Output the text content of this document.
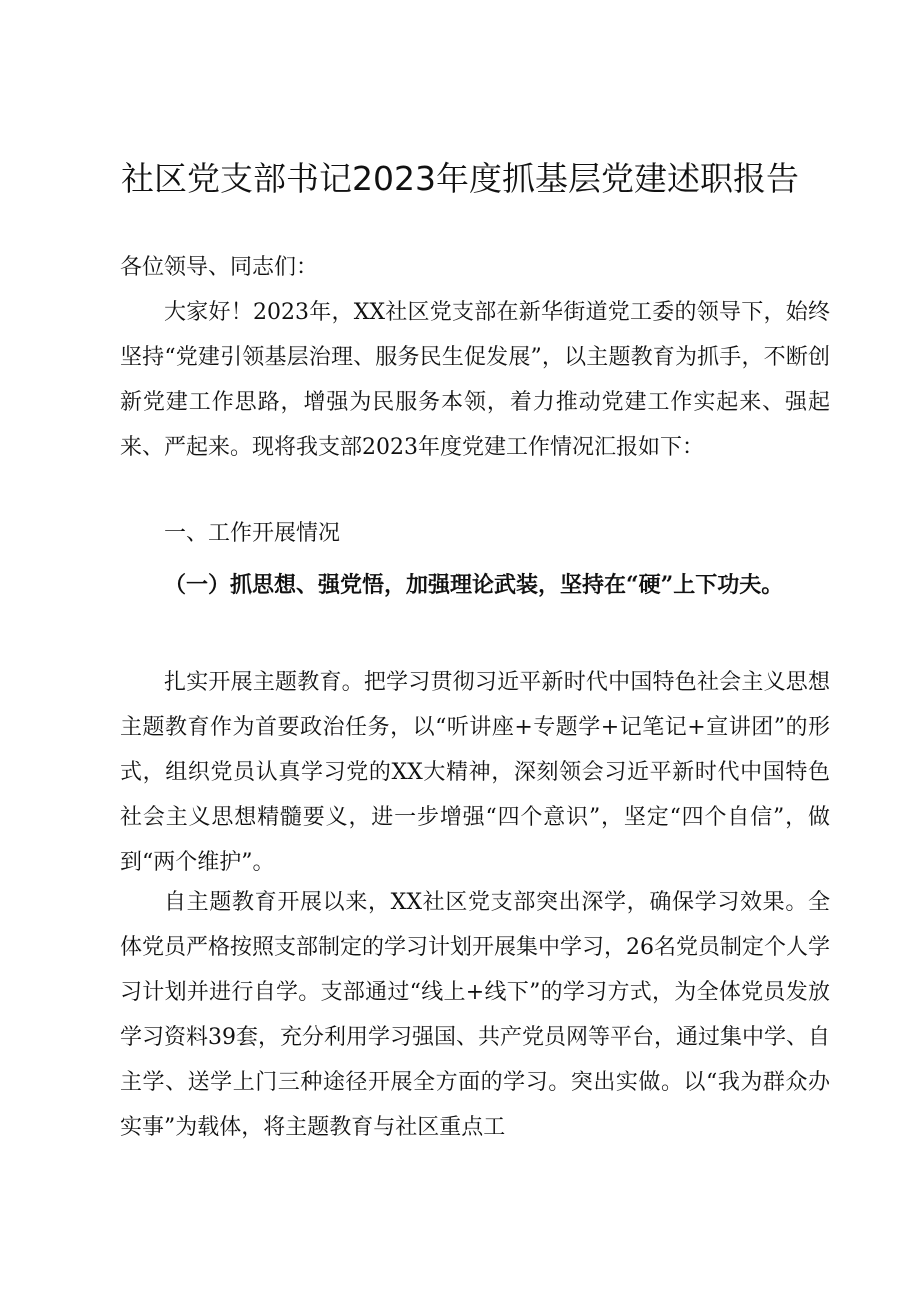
社区党支部书记2023年度抓基层党建述职报告
各位领导、同志们：
大家好！2023年，XX社区党支部在新华街道党工委的领导下，始终坚持“党建引领基层治理、服务民生促发展”，以主题教育为抓手，不断创新党建工作思路，增强为民服务本领，着力推动党建工作实起来、强起来、严起来。现将我支部2023年度党建工作情况汇报如下：
一、工作开展情况
（一）抓思想、强党悟，加强理论武装，坚持在“硬”上下功夫。
扎实开展主题教育。把学习贯彻习近平新时代中国特色社会主义思想主题教育作为首要政治任务，以“听讲座+专题学+记笔记+宣讲团”的形式，组织党员认真学习党的XX大精神，深刻领会习近平新时代中国特色社会主义思想精髓要义，进一步增强“四个意识”，坚定“四个自信”，做到“两个维护”。
自主题教育开展以来，XX社区党支部突出深学，确保学习效果。全体党员严格按照支部制定的学习计划开展集中学习，26名党员制定个人学习计划并进行自学。支部通过“线上+线下”的学习方式，为全体党员发放学习资料39套，充分利用学习强国、共产党员网等平台，通过集中学、自主学、送学上门三种途径开展全方面的学习。突出实做。以“我为群众办实事”为载体，将主题教育与社区重点工
